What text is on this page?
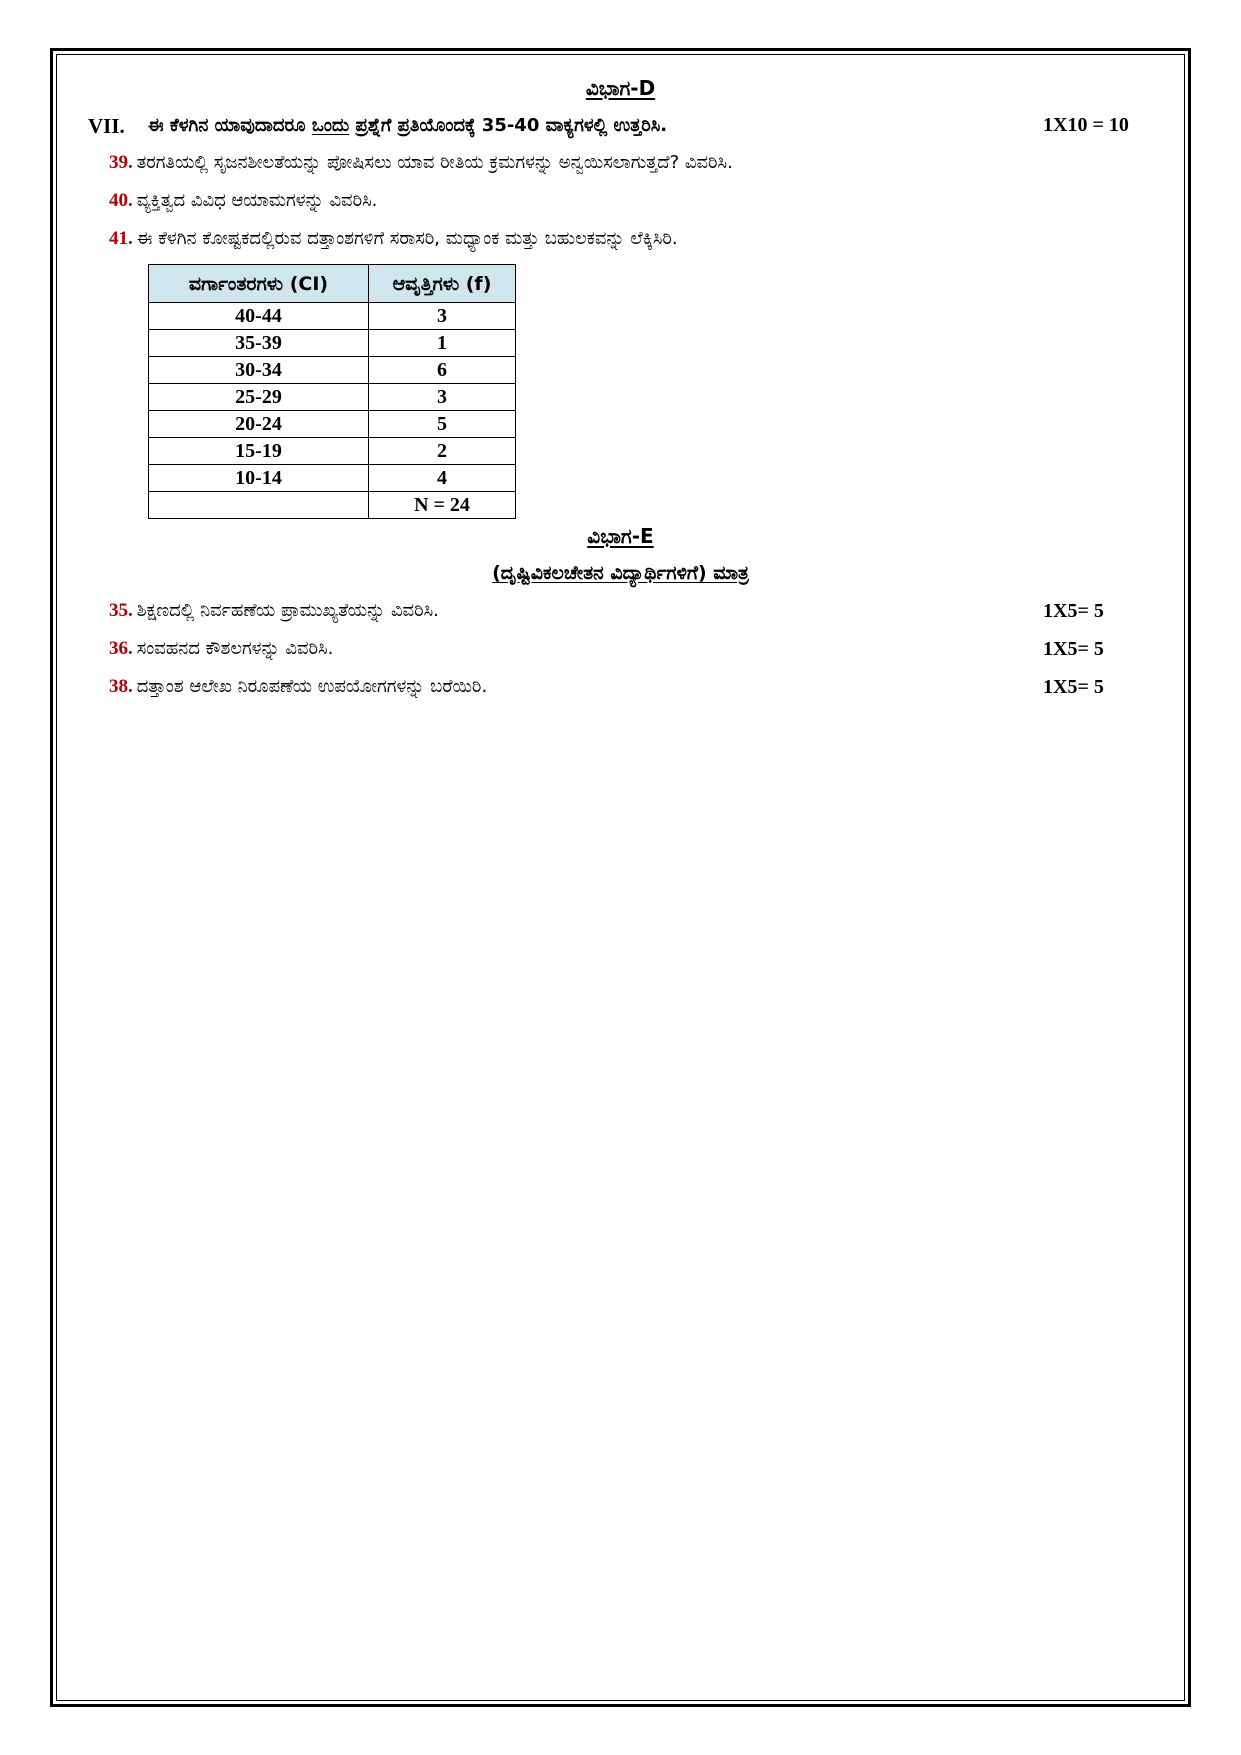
ವಿಭಾಗ-D
VII. ಈ ಕೆಳಗಿನ ಯಾವುದಾದರೂ ಒಂದು ಪ್ರಶ್ನೆಗೆ ಪ್ರತಿಯೊಂದಕ್ಕೆ 35-40 ವಾಕ್ಯಗಳಲ್ಲಿ ಉತ್ತರಿಸಿ.	1X10 = 10
39. ತರಗತಿಯಲ್ಲಿ ಸೃಜನಶೀಲತೆಯನ್ನು ಪೋಷಿಸಲು ಯಾವ ರೀತಿಯ ಕ್ರಮಗಳನ್ನು ಅನ್ವಯಿಸಲಾಗುತ್ತದೆ? ವಿವರಿಸಿ.
40. ವ್ಯಕ್ತಿತ್ವದ ವಿವಿಧ ಆಯಾಮಗಳನ್ನು ವಿವರಿಸಿ.
41. ಈ ಕೆಳಗಿನ ಕೋಷ್ಟಕದಲ್ಲಿರುವ ದತ್ತಾಂಶಗಳಿಗೆ ಸರಾಸರಿ, ಮಧ್ಯಾಂಕ ಮತ್ತು ಬಹುಲಕವನ್ನು ಲೆಕ್ಕಿಸಿರಿ.
ವರ್ಗಾಂತರಗಳು (CI)	ಆವೃತ್ತಿಗಳು (f)
40-44	3
35-39	1
30-34	6
25-29	3
20-24	5
15-19	2
10-14	4
	N = 24
ವಿಭಾಗ-E
(ದೃಷ್ಟಿವಿಕಲಚೇತನ ವಿದ್ಯಾರ್ಥಿಗಳಿಗೆ) ಮಾತ್ರ
35. ಶಿಕ್ಷಣದಲ್ಲಿ ನಿರ್ವಹಣೆಯ ಪ್ರಾಮುಖ್ಯತೆಯನ್ನು ವಿವರಿಸಿ.	1X5= 5
36. ಸಂವಹನದ ಕೌಶಲಗಳನ್ನು ವಿವರಿಸಿ.	1X5= 5
38. ದತ್ತಾಂಶ ಆಲೇಖ ನಿರೂಪಣೆಯ ಉಪಯೋಗಗಳನ್ನು ಬರೆಯಿರಿ.	1X5= 5
